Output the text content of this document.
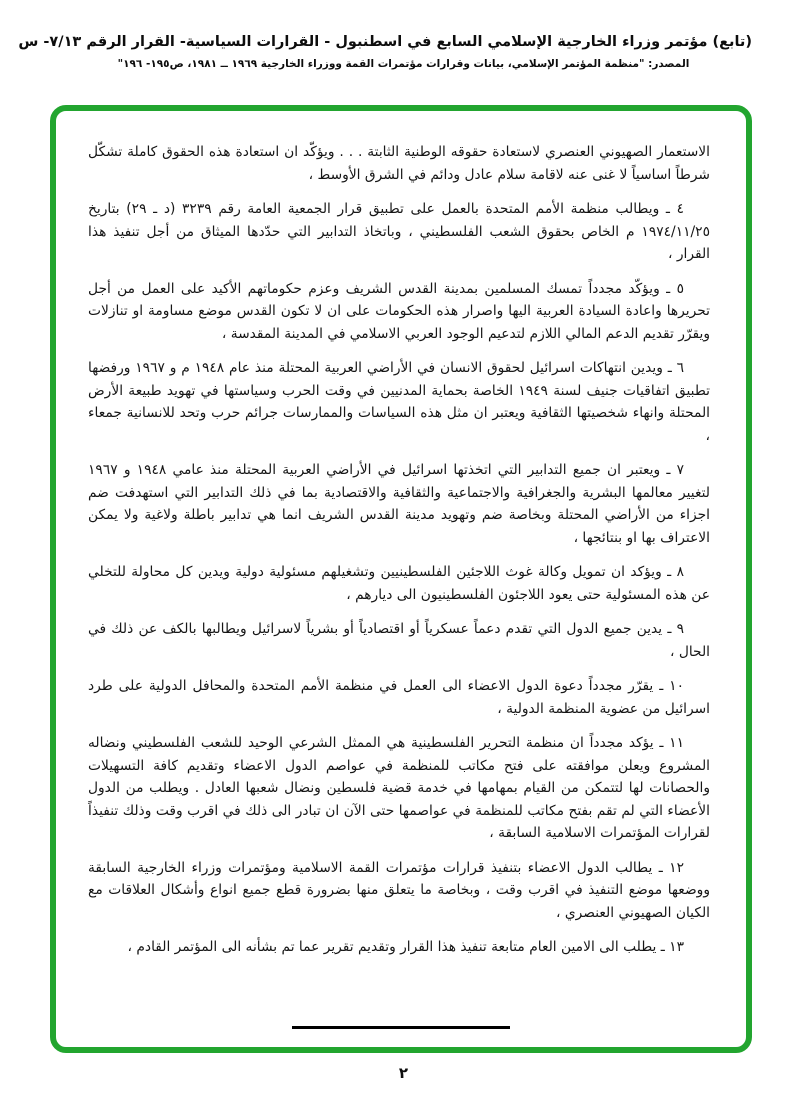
(تابع) مؤتمر وزراء الخارجية الإسلامي السابع في اسطنبول - القرارات السياسية- القرار الرقم ٧/١٣- س
المصدر: "منظمة المؤتمر الإسلامي، بيانات وقرارات مؤتمرات القمة ووزراء الخارجية ١٩٦٩ ــ ١٩٨١، ص١٩٥- ١٩٦"

الاستعمار الصهيوني العنصري لاستعادة حقوقه الوطنية الثابتة . . . ويؤكّد ان استعادة هذه الحقوق كاملة تشكّل شرطاً اساسياً لا غنى عنه لاقامة سلام عادل ودائم في الشرق الأوسط ،

٤ ـ ويطالب منظمة الأمم المتحدة بالعمل على تطبيق قرار الجمعية العامة رقم ٣٢٣٩ (د ـ ٢٩) بتاريخ ١٩٧٤/١١/٢٥ م الخاص بحقوق الشعب الفلسطيني ، وباتخاذ التدابير التي حدّدها الميثاق من أجل تنفيذ هذا القرار ،

٥ ـ ويؤكّد مجدداً تمسك المسلمين بمدينة القدس الشريف وعزم حكوماتهم الأكيد على العمل من أجل تحريرها واعادة السيادة العربية اليها واصرار هذه الحكومات على ان لا تكون القدس موضع مساومة او تنازلات ويقرّر تقديم الدعم المالي اللازم لتدعيم الوجود العربي الاسلامي في المدينة المقدسة ،

٦ ـ ويدين انتهاكات اسرائيل لحقوق الانسان في الأراضي العربية المحتلة منذ عام ١٩٤٨ م و ١٩٦٧ ورفضها تطبيق اتفاقيات جنيف لسنة ١٩٤٩ الخاصة بحماية المدنيين في وقت الحرب وسياستها في تهويد طبيعة الأرض المحتلة وانهاء شخصيتها الثقافية ويعتبر ان مثل هذه السياسات والممارسات جرائم حرب وتحد للانسانية جمعاء ،

٧ ـ ويعتبر ان جميع التدابير التي اتخذتها اسرائيل في الأراضي العربية المحتلة منذ عامي ١٩٤٨ و ١٩٦٧ لتغيير معالمها البشرية والجغرافية والاجتماعية والثقافية والاقتصادية بما في ذلك التدابير التي استهدفت ضم اجزاء من الأراضي المحتلة وبخاصة ضم وتهويد مدينة القدس الشريف انما هي تدابير باطلة ولاغية ولا يمكن الاعتراف بها او بنتائجها ،

٨ ـ ويؤكد ان تمويل وكالة غوث اللاجئين الفلسطينيين وتشغيلهم مسئولية دولية ويدين كل محاولة للتخلي عن هذه المسئولية حتى يعود اللاجئون الفلسطينيون الى ديارهم ،

٩ ـ يدين جميع الدول التي تقدم دعماً عسكرياً أو اقتصادياً أو بشرياً لاسرائيل ويطالبها بالكف عن ذلك في الحال ،

١٠ ـ يقرّر مجدداً دعوة الدول الاعضاء الى العمل في منظمة الأمم المتحدة والمحافل الدولية على طرد اسرائيل من عضوية المنظمة الدولية ،

١١ ـ يؤكد مجدداً ان منظمة التحرير الفلسطينية هي الممثل الشرعي الوحيد للشعب الفلسطيني ونضاله المشروع ويعلن موافقته على فتح مكاتب للمنظمة في عواصم الدول الاعضاء وتقديم كافة التسهيلات والحصانات لها لتتمكن من القيام بمهامها في خدمة قضية فلسطين ونضال شعبها العادل . ويطلب من الدول الأعضاء التي لم تقم بفتح مكاتب للمنظمة في عواصمها حتى الآن ان تبادر الى ذلك في اقرب وقت وذلك تنفيذاً لقرارات المؤتمرات الاسلامية السابقة ،

١٢ ـ يطالب الدول الاعضاء بتنفيذ قرارات مؤتمرات القمة الاسلامية ومؤتمرات وزراء الخارجية السابقة ووضعها موضع التنفيذ في اقرب وقت ، وبخاصة ما يتعلق منها بضرورة قطع جميع انواع وأشكال العلاقات مع الكيان الصهيوني العنصري ،

١٣ ـ يطلب الى الامين العام متابعة تنفيذ هذا القرار وتقديم تقرير عما تم بشأنه الى المؤتمر القادم ،

٢
